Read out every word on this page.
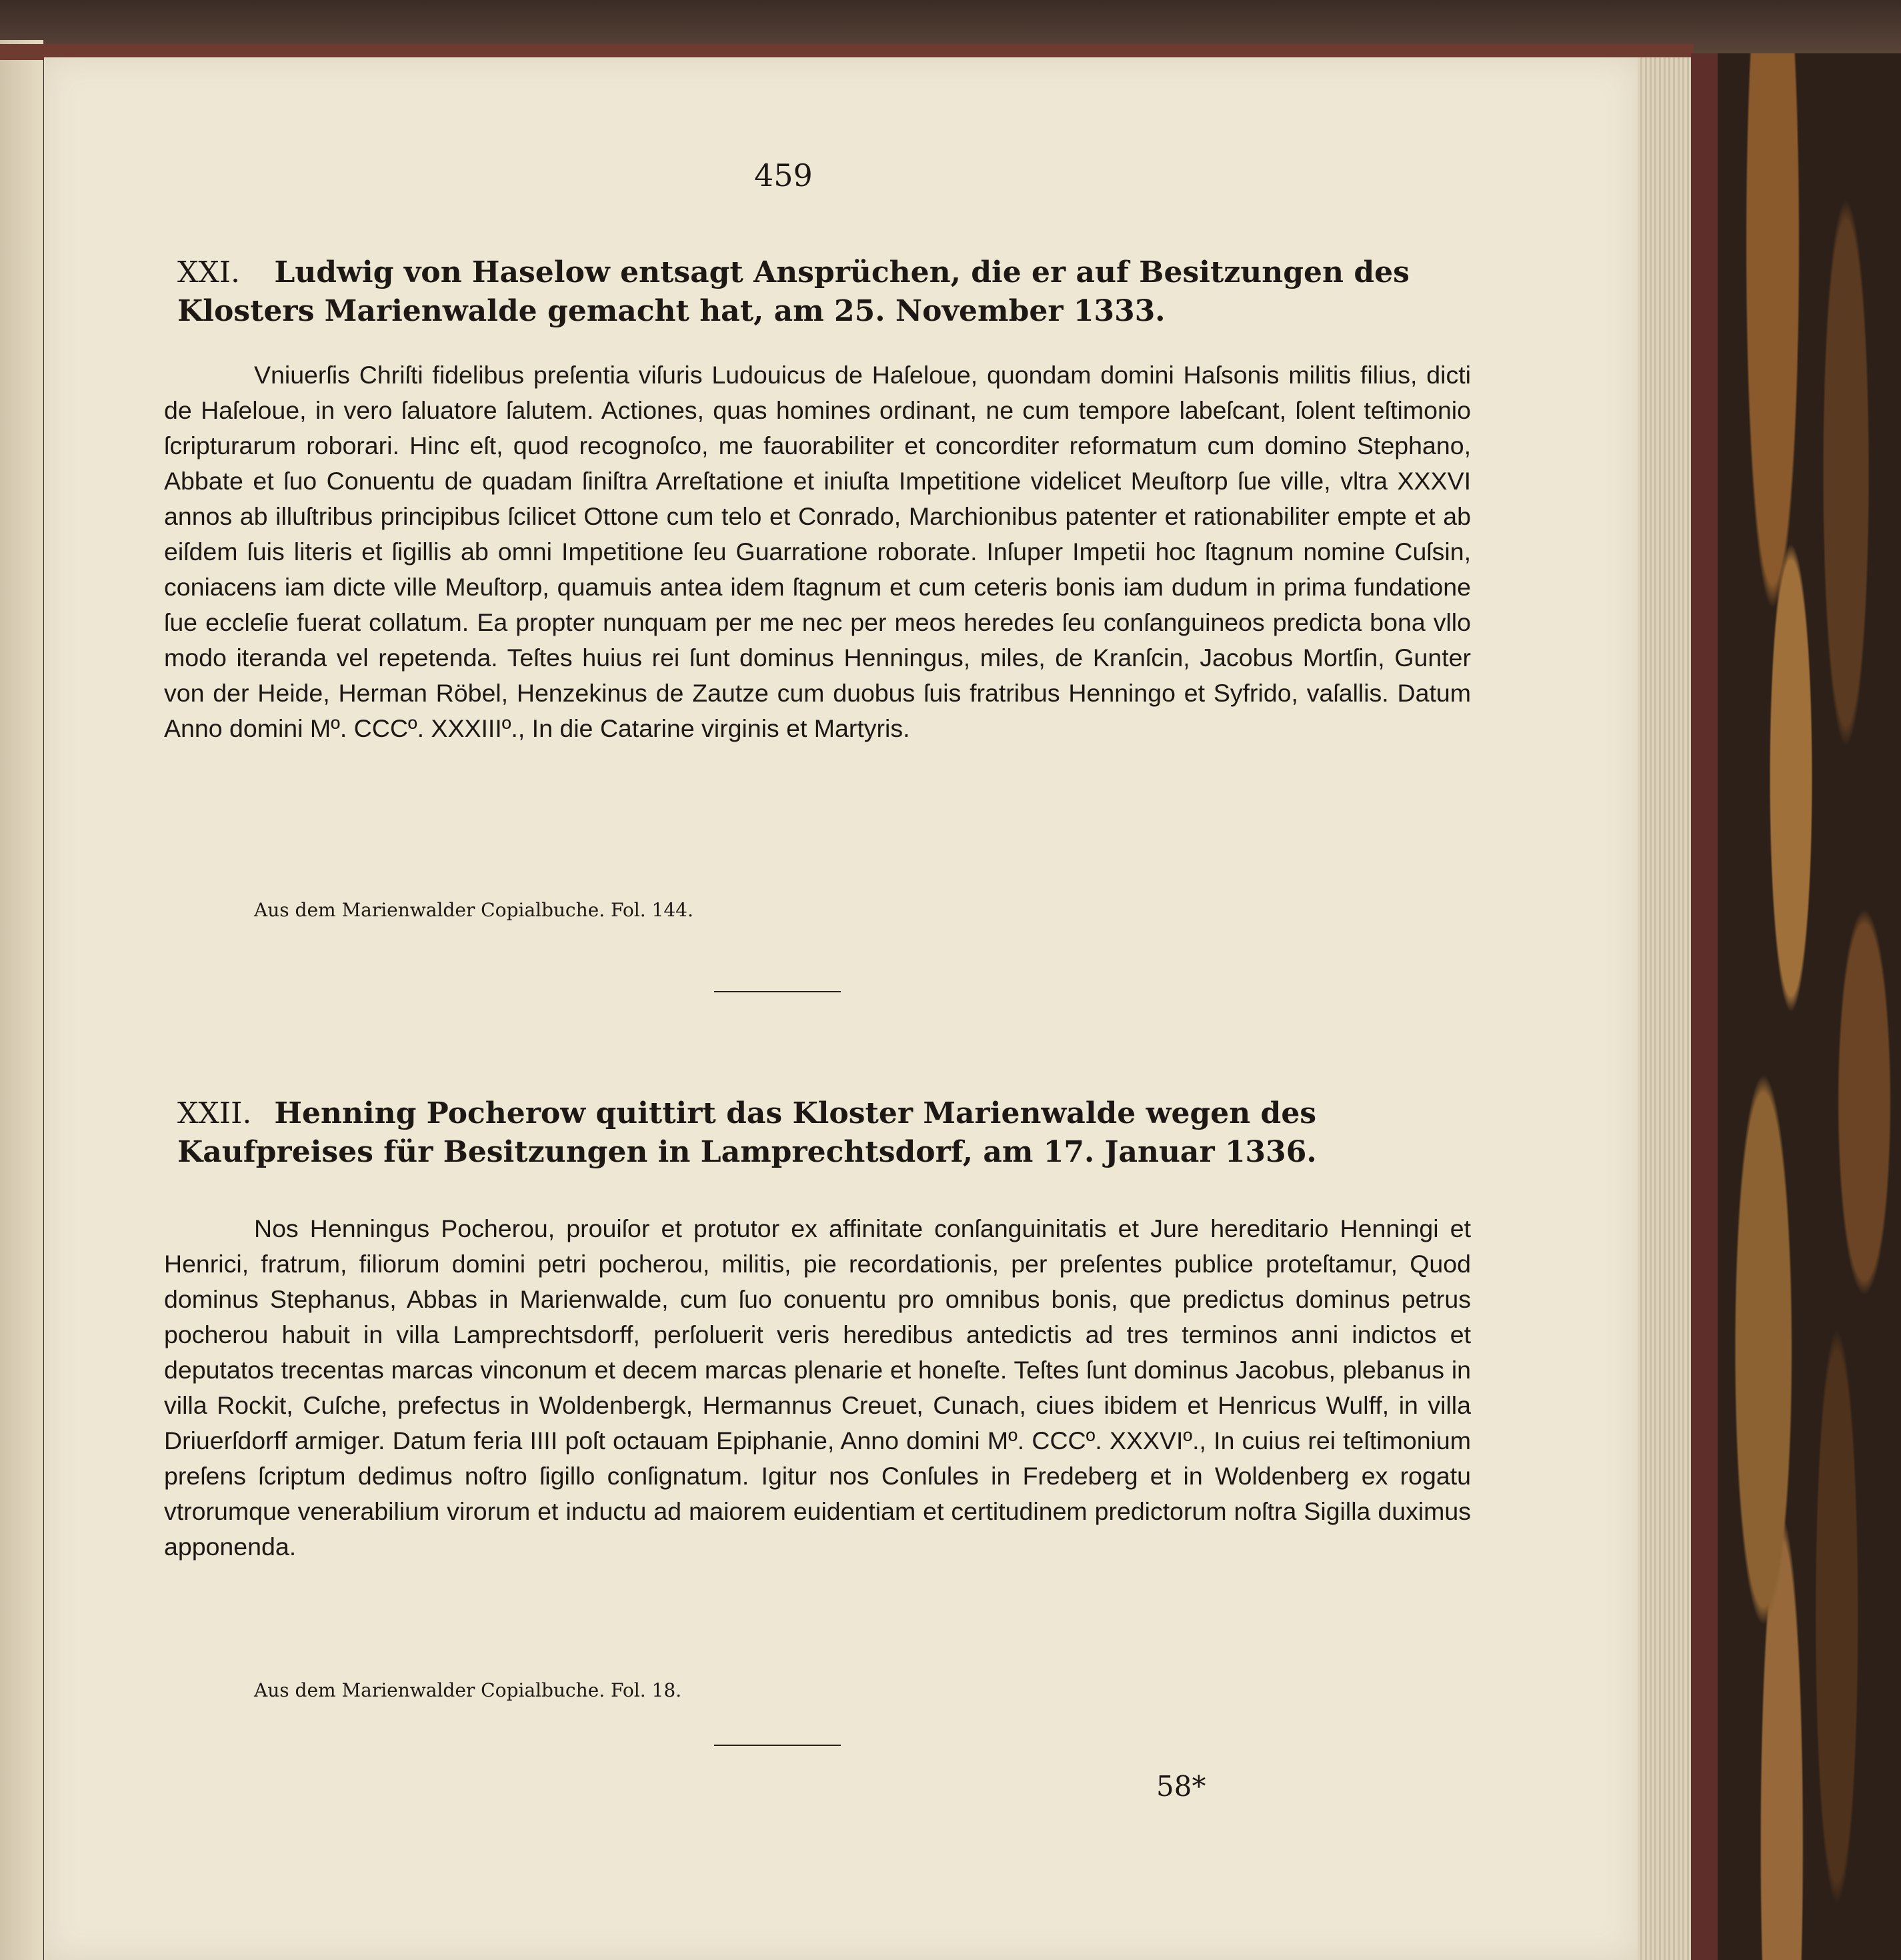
459
XXI. Ludwig von Haselow entsagt Ansprüchen, die er auf Besitzungen des Klosters Marienwalde gemacht hat, am 25. November 1333.

Vniuerſis Chriſti fidelibus preſentia viſuris Ludouicus de Haſeloue, quondam domini Haſsonis militis filius, dicti de Haſeloue, in vero ſaluatore ſalutem. Actiones, quas homines ordinant, ne cum tempore labeſcant, ſolent teſtimonio ſcripturarum roborari. Hinc eſt, quod recognoſco, me fauorabiliter et concorditer reformatum cum domino Stephano, Abbate et ſuo Conuentu de quadam ſiniſtra Arreſtatione et iniuſta Impetitione videlicet Meuſtorp ſue ville, vltra XXXVI annos ab illuſtribus principibus ſcilicet Ottone cum telo et Conrado, Marchionibus patenter et rationabiliter empte et ab eiſdem ſuis literis et ſigillis ab omni Impetitione ſeu Guarratione roborate. Inſuper Impetii hoc ſtagnum nomine Cuſsin, coniacens iam dicte ville Meuſtorp, quamuis antea idem ſtagnum et cum ceteris bonis iam dudum in prima fundatione ſue eccleſie fuerat collatum. Ea propter nunquam per me nec per meos heredes ſeu conſanguineos predicta bona vllo modo iteranda vel repetenda. Teſtes huius rei ſunt dominus Henningus, miles, de Kranſcin, Jacobus Mortſin, Gunter von der Heide, Herman Röbel, Henzekinus de Zautze cum duobus ſuis fratribus Henningo et Syfrido, vaſallis. Datum Anno domini Mº. CCCº. XXXIIIº., In die Catarine virginis et Martyris.

Aus dem Marienwalder Copialbuche. Fol. 144.
XXII. Henning Pocherow quittirt das Kloster Marienwalde wegen des Kaufpreises für Besitzungen in Lamprechtsdorf, am 17. Januar 1336.

Nos Henningus Pocherou, prouiſor et protutor ex affinitate conſanguinitatis et Jure hereditario Henningi et Henrici, fratrum, filiorum domini petri pocherou, militis, pie recordationis, per preſentes publice proteſtamur, Quod dominus Stephanus, Abbas in Marienwalde, cum ſuo conuentu pro omnibus bonis, que predictus dominus petrus pocherou habuit in villa Lamprechtsdorff, perſoluerit veris heredibus antedictis ad tres terminos anni indictos et deputatos trecentas marcas vinconum et decem marcas plenarie et honeſte. Teſtes ſunt dominus Jacobus, plebanus in villa Rockit, Cuſche, prefectus in Woldenbergk, Hermannus Creuet, Cunach, ciues ibidem et Henricus Wulff, in villa Driuerſdorff armiger. Datum feria IIII poſt octauam Epiphanie, Anno domini Mº. CCCº. XXXVIº., In cuius rei teſtimonium preſens ſcriptum dedimus noſtro ſigillo conſignatum. Igitur nos Conſules in Fredeberg et in Woldenberg ex rogatu vtrorumque venerabilium virorum et inductu ad maiorem euidentiam et certitudinem predictorum noſtra Sigilla duximus apponenda.

Aus dem Marienwalder Copialbuche. Fol. 18.
58*
